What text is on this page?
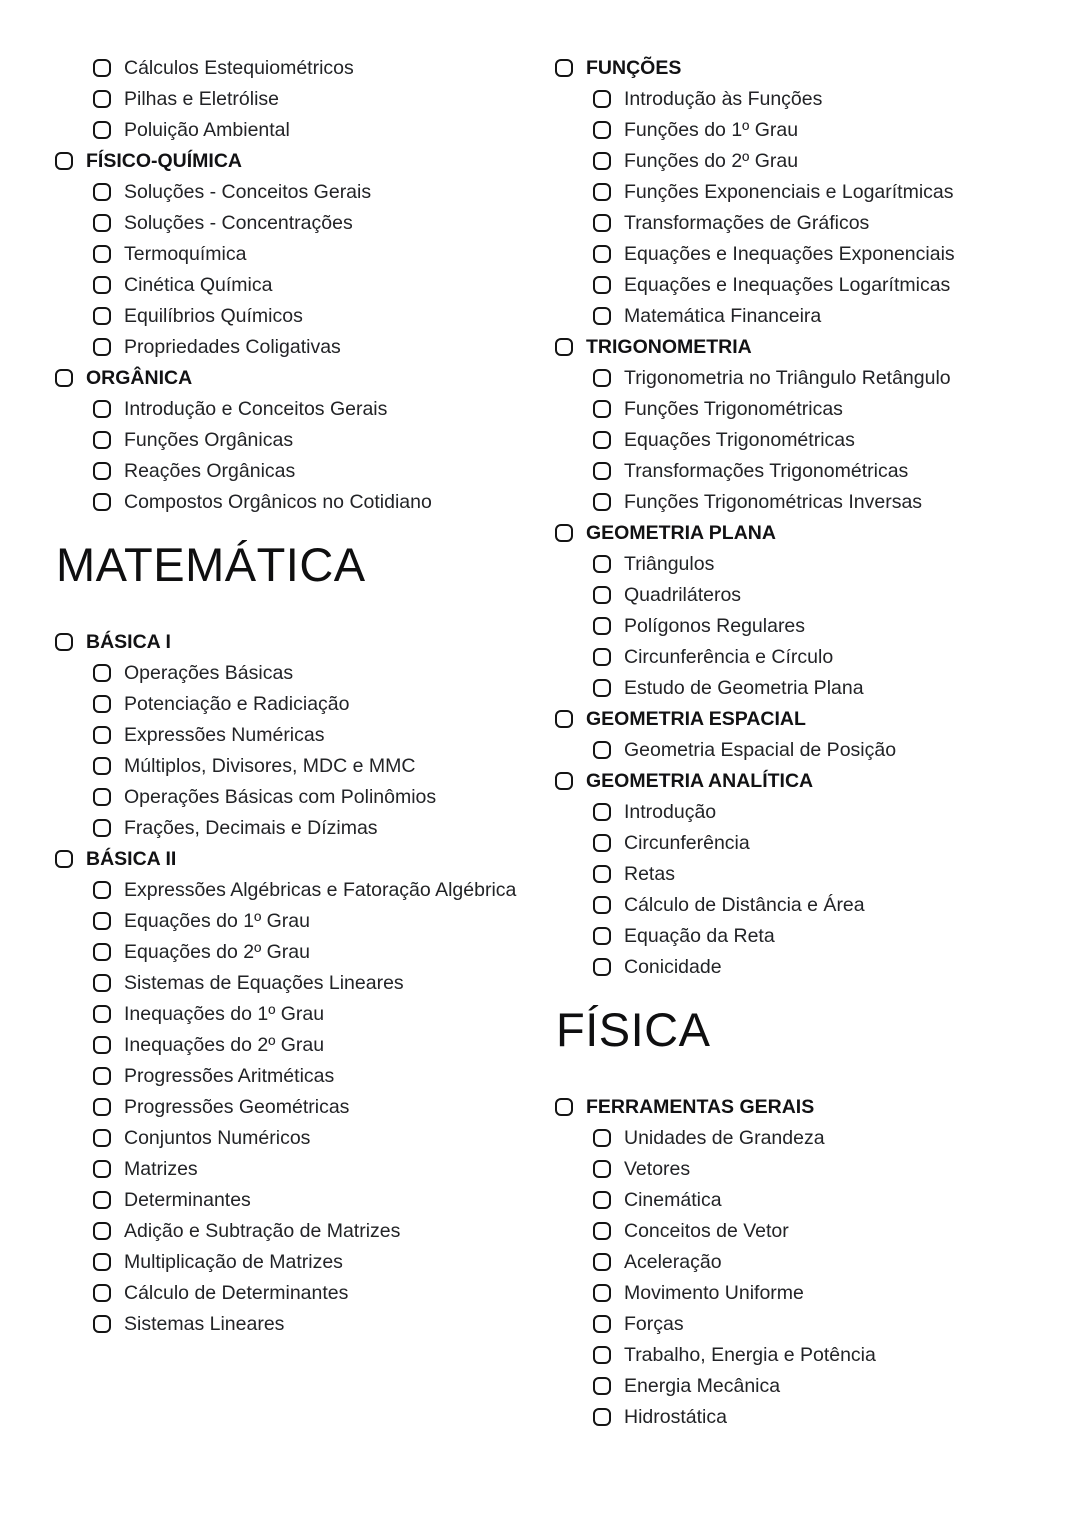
Cálculos Estequiométricos
Pilhas e Eletrólise
Poluição Ambiental
FÍSICO-QUÍMICA
Soluções - Conceitos Gerais
Soluções - Concentrações
Termoquímica
Cinética Química
Equilíbrios Químicos
Propriedades Coligativas
ORGÂNICA
Introdução e Conceitos Gerais
Funções Orgânicas
Reações Orgânicas
Compostos Orgânicos no Cotidiano
MATEMÁTICA
BÁSICA I
Operações Básicas
Potenciação e Radiciação
Expressões Numéricas
Múltiplos, Divisores, MDC e MMC
Operações Básicas com Polinômios
Frações, Decimais e Dízimas
BÁSICA II
Expressões Algébricas e Fatoração Algébrica
Equações do 1º Grau
Equações do 2º Grau
Sistemas de Equações Lineares
Inequações do 1º Grau
Inequações do 2º Grau
Progressões Aritméticas
Progressões Geométricas
Conjuntos Numéricos
Matrizes
Determinantes
Adição e Subtração de Matrizes
Multiplicação de Matrizes
Cálculo de Determinantes
Sistemas Lineares
FUNÇÕES
Introdução às Funções
Funções do 1º Grau
Funções do 2º Grau
Funções Exponenciais e Logarítmicas
Transformações de Gráficos
Equações e Inequações Exponenciais
Equações e Inequações Logarítmicas
Matemática Financeira
TRIGONOMETRIA
Trigonometria no Triângulo Retângulo
Funções Trigonométricas
Equações Trigonométricas
Transformações Trigonométricas
Funções Trigonométricas Inversas
GEOMETRIA PLANA
Triângulos
Quadriláteros
Polígonos Regulares
Circunferência e Círculo
Estudo de Geometria Plana
GEOMETRIA ESPACIAL
Geometria Espacial de Posição
GEOMETRIA ANALÍTICA
Introdução
Circunferência
Retas
Cálculo de Distância e Área
Equação da Reta
Conicidade
FÍSICA
FERRAMENTAS GERAIS
Unidades de Grandeza
Vetores
Cinemática
Conceitos de Vetor
Aceleração
Movimento Uniforme
Forças
Trabalho, Energia e Potência
Energia Mecânica
Hidrostática
